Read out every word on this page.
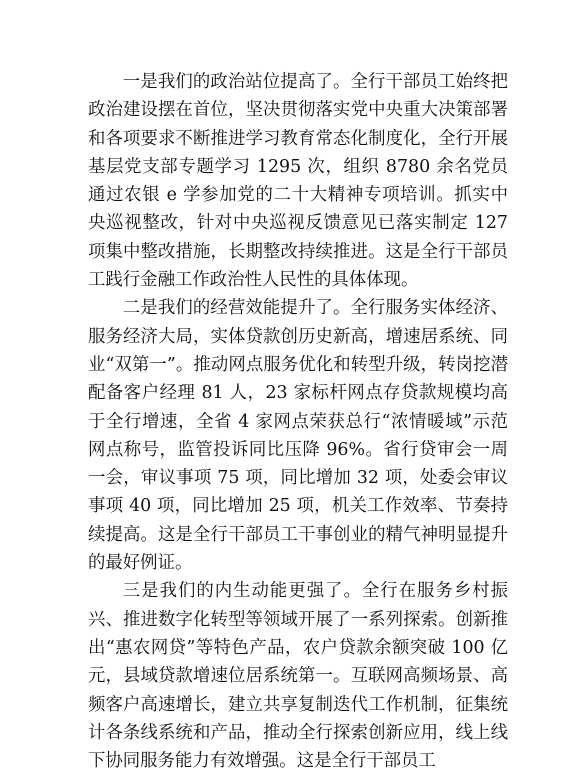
一是我们的政治站位提高了。全行干部员工始终把政治建设摆在首位，坚决贯彻落实党中央重大决策部署和各项要求不断推进学习教育常态化制度化，全行开展基层党支部专题学习 1295 次，组织 8780 余名党员通过农银 e 学参加党的二十大精神专项培训。抓实中央巡视整改，针对中央巡视反馈意见已落实制定 127 项集中整改措施，长期整改持续推进。这是全行干部员工践行金融工作政治性人民性的具体体现。

二是我们的经营效能提升了。全行服务实体经济、服务经济大局，实体贷款创历史新高，增速居系统、同业“双第一”。推动网点服务优化和转型升级，转岗挖潜配备客户经理 81 人，23 家标杆网点存贷款规模均高于全行增速，全省 4 家网点荣获总行“浓情暖域”示范网点称号，监管投诉同比压降 96%。省行贷审会一周一会，审议事项 75 项，同比增加 32 项，处委会审议事项 40 项，同比增加 25 项，机关工作效率、节奏持续提高。这是全行干部员工干事创业的精气神明显提升的最好例证。

三是我们的内生动能更强了。全行在服务乡村振兴、推进数字化转型等领域开展了一系列探索。创新推出“惠农网贷”等特色产品，农户贷款余额突破 100 亿元，县域贷款增速位居系统第一。互联网高频场景、高频客户高速增长，建立共享复制迭代工作机制，征集统计各条线系统和产品，推动全行探索创新应用，线上线下协同服务能力有效增强。这是全行干部员工
